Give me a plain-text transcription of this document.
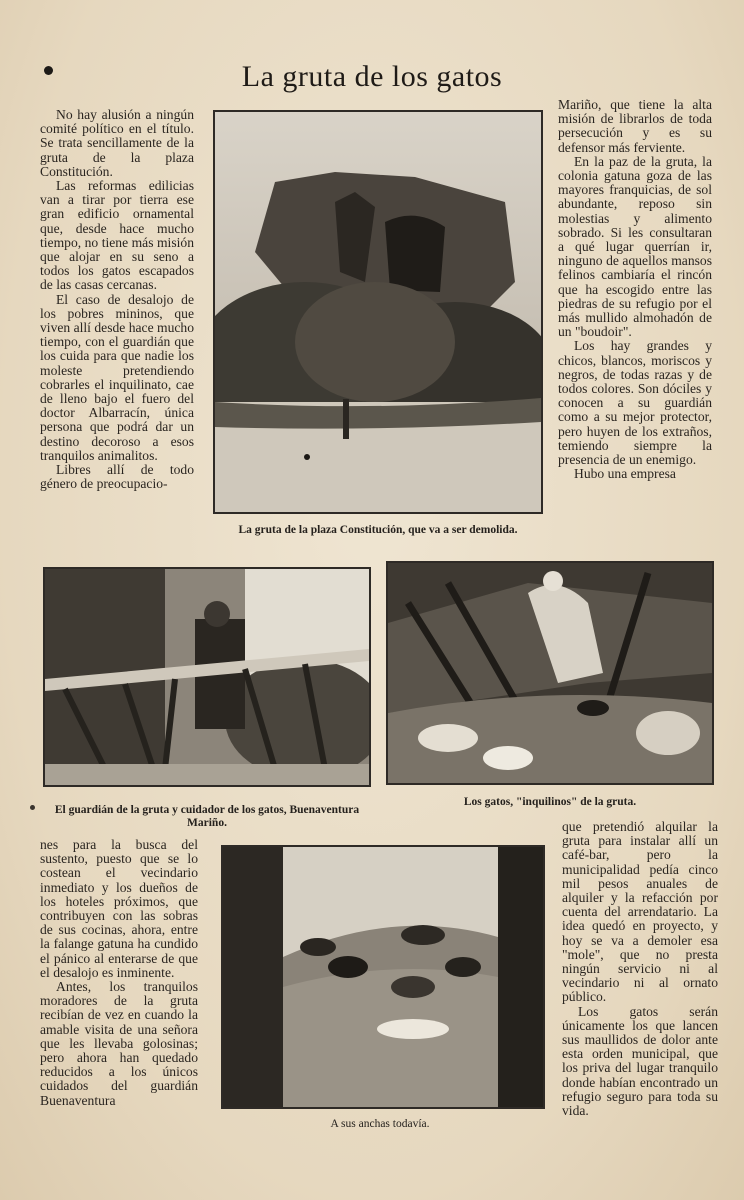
La gruta de los gatos

No hay alusión a ningún comité político en el título. Se trata sencillamente de la gruta de la plaza Constitución.

Las reformas edilicias van a tirar por tierra ese gran edificio ornamental que, desde hace mucho tiempo, no tiene más misión que alojar en su seno a todos los gatos escapados de las casas cercanas.

El caso de desalojo de los pobres mininos, que viven allí desde hace mucho tiempo, con el guardián que los cuida para que nadie los moleste pretendiendo cobrarles el inquilinato, cae de lleno bajo el fuero del doctor Albarracín, única persona que podrá dar un destino decoroso a esos tranquilos animalitos.

Libres allí de todo género de preocupacio-

La gruta de la plaza Constitución, que va a ser demolida.

Mariño, que tiene la alta misión de librarlos de toda persecución y es su defensor más ferviente.

En la paz de la gruta, la colonia gatuna goza de las mayores franquicias, de sol abundante, reposo sin molestias y alimento sobrado. Si les consultaran a qué lugar querrían ir, ninguno de aquellos mansos felinos cambiaría el rincón que ha escogido entre las piedras de su refugio por el más mullido almohadón de un "boudoir".

Los hay grandes y chicos, blancos, moriscos y negros, de todas razas y de todos colores. Son dóciles y conocen a su guardián como a su mejor protector, pero huyen de los extraños, temiendo siempre la presencia de un enemigo.

Hubo una empresa

El guardián de la gruta y cuidador de los gatos, Buenaventura Mariño.
Los gatos, "inquilinos" de la gruta.

nes para la busca del sustento, puesto que se lo costean el vecindario inmediato y los dueños de los hoteles próximos, que contribuyen con las sobras de sus cocinas, ahora, entre la falange gatuna ha cundido el pánico al enterarse de que el desalojo es inminente.

Antes, los tranquilos moradores de la gruta recibían de vez en cuando la amable visita de una señora que les llevaba golosinas; pero ahora han quedado reducidos a los únicos cuidados del guardián Buenaventura

A sus anchas todavía.

que pretendió alquilar la gruta para instalar allí un café-bar, pero la municipalidad pedía cinco mil pesos anuales de alquiler y la refacción por cuenta del arrendatario. La idea quedó en proyecto, y hoy se va a demoler esa "mole", que no presta ningún servicio ni al vecindario ni al ornato público.

Los gatos serán únicamente los que lancen sus maullidos de dolor ante esta orden municipal, que los priva del lugar tranquilo donde habían encontrado un refugio seguro para toda su vida.
